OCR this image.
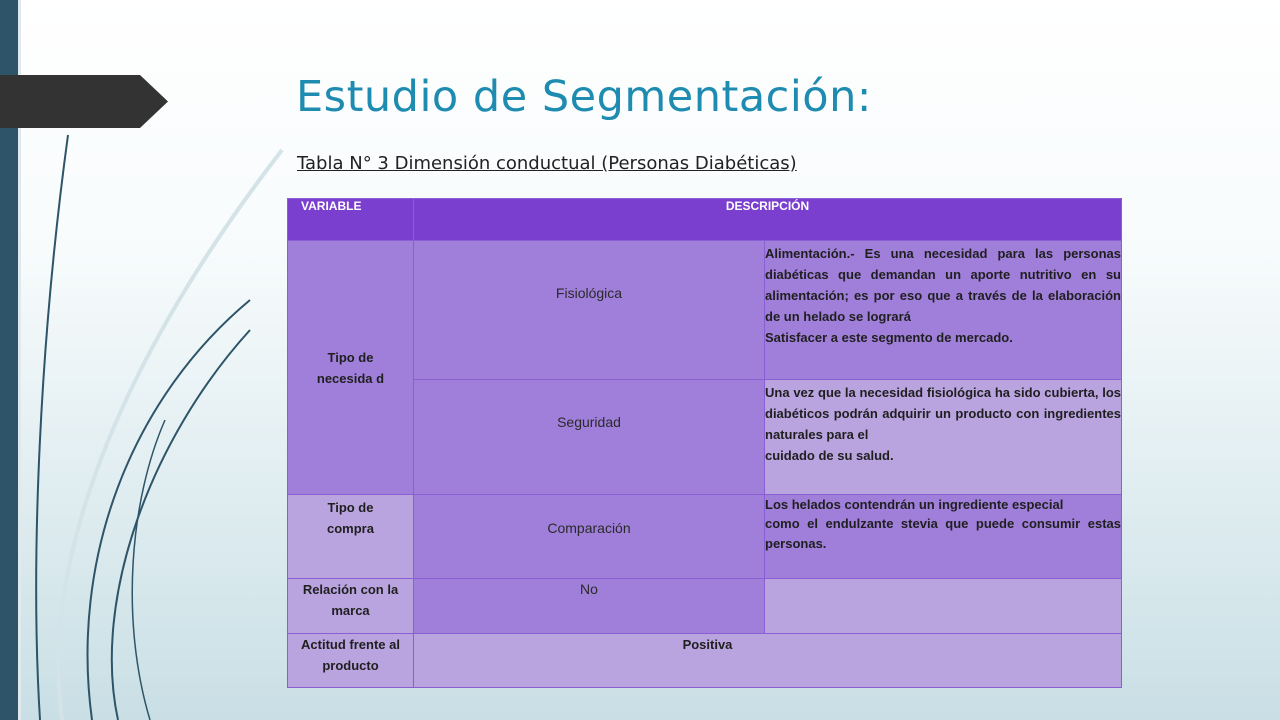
Estudio de Segmentación:

Tabla N° 3 Dimensión conductual (Personas Diabéticas)

VARIABLE	DESCRIPCIÓN	

Tipo de necesida d	Fisiológica	Alimentación.- Es una necesidad para las personas diabéticas que demandan un aporte nutritivo en su alimentación; es por eso que a través de la elaboración de un helado se logrará
Satisfacer a este segmento de mercado.

	Seguridad	Una vez que la necesidad fisiológica ha sido cubierta, los diabéticos podrán adquirir un producto con ingredientes naturales para el
cuidado de su salud.

Tipo de compra	Comparación	Los helados contendrán un ingrediente especial
como el endulzante stevia que puede consumir estas personas.

Relación con la marca	No	

Actitud frente al producto	Positiva	
